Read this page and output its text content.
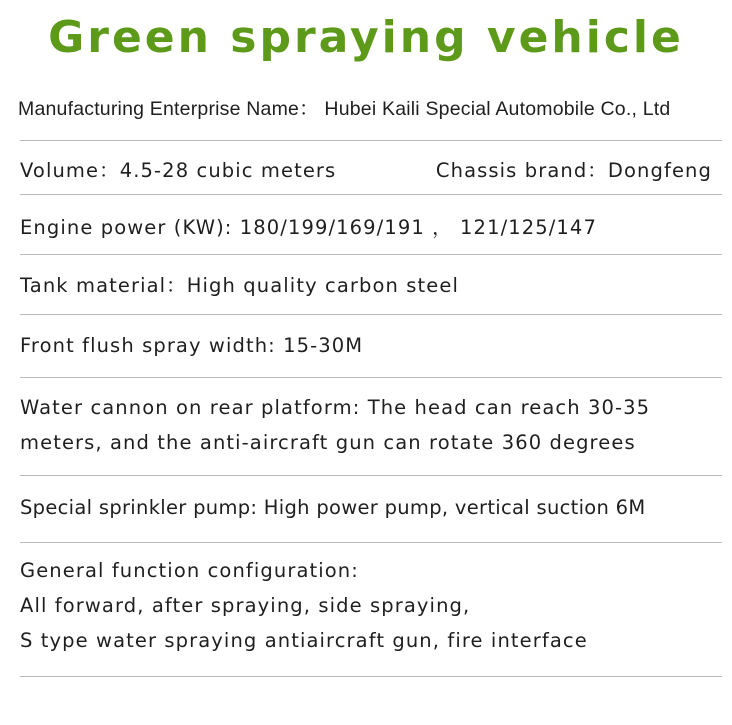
Green spraying vehicle
Manufacturing Enterprise Name： Hubei Kaili Special Automobile Co., Ltd
Volume：4.5-28 cubic meters	Chassis brand：Dongfeng
Engine power (KW): 180/199/169/191 ， 121/125/147
Tank material：High quality carbon steel
Front flush spray width: 15-30M
Water cannon on rear platform: The head can reach 30-35
meters, and the anti-aircraft gun can rotate 360 degrees
Special sprinkler pump: High power pump, vertical suction 6M
General function configuration:
All forward, after spraying, side spraying,
S type water spraying antiaircraft gun, fire interface
